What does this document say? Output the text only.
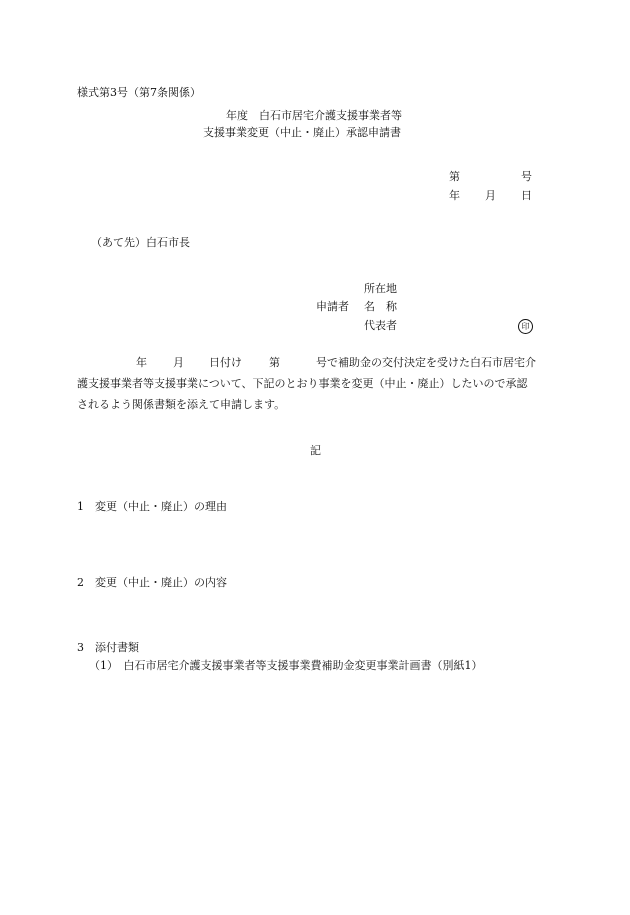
様式第3号（第7条関係）
年度　白石市居宅介護支援事業者等
支援事業変更（中止・廃止）承認申請書
第	号
年 月 日
（あて先）白石市長
所在地
申請者 名　称
代表者	印
年 月 日付け 第	号で補助金の交付決定を受けた白石市居宅介
護支援事業者等支援事業について、下記のとおり事業を変更（中止・廃止）したいので承認
されるよう関係書類を添えて申請します。
記
1　変更（中止・廃止）の理由
2　変更（中止・廃止）の内容
3　添付書類
（1）　白石市居宅介護支援事業者等支援事業費補助金変更事業計画書（別紙1）
